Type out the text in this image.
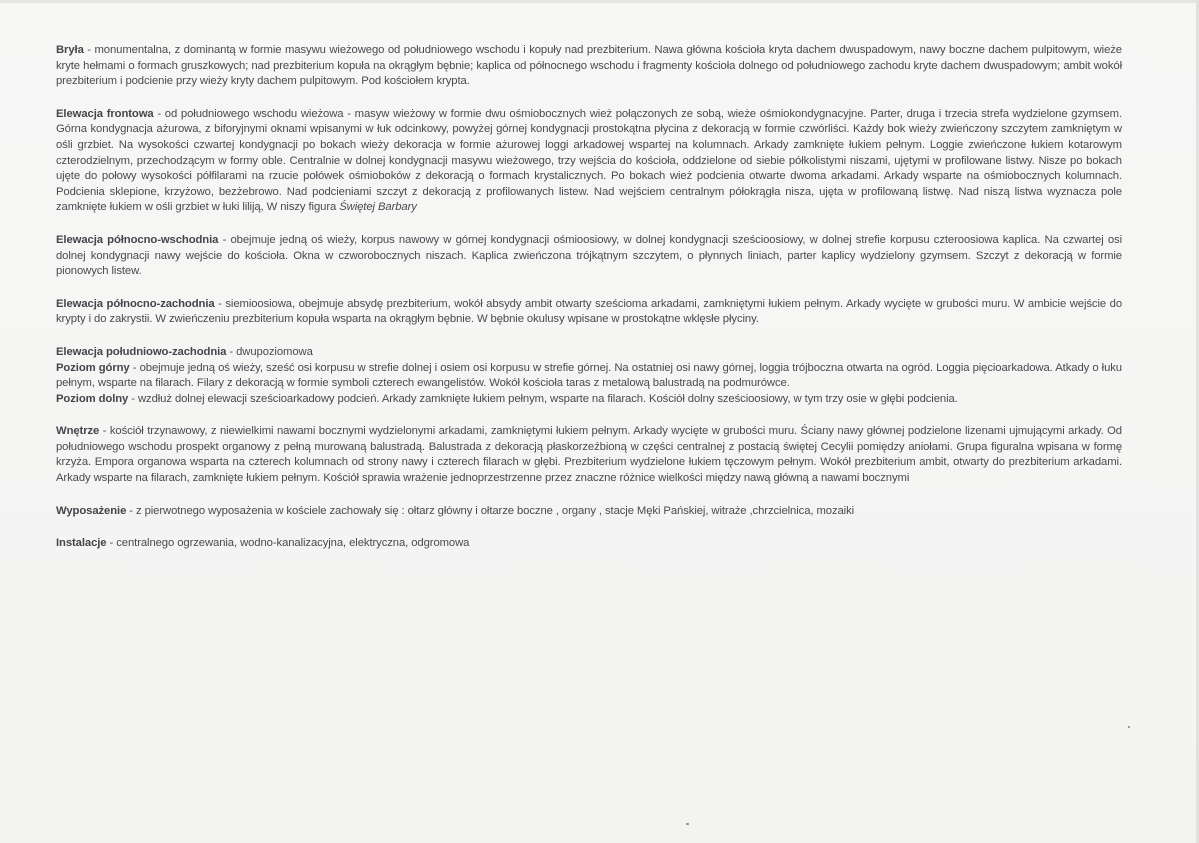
Bryła - monumentalna, z dominantą w formie masywu wieżowego od południowego wschodu i kopuły nad prezbiterium. Nawa główna kościoła kryta dachem dwuspadowym, nawy boczne dachem pulpitowym, wieże kryte hełmami o formach gruszkowych; nad prezbiterium kopuła na okrągłym bębnie; kaplica od północnego wschodu i fragmenty kościoła dolnego od południowego zachodu kryte dachem dwuspadowym; ambit wokół prezbiterium i podcienie przy wieży kryty dachem pulpitowym. Pod kościołem krypta.

Elewacja frontowa - od południowego wschodu wieżowa - masyw wieżowy w formie dwu ośmiobocznych wież połączonych ze sobą, wieże ośmiokondygnacyjne. Parter, druga i trzecia strefa wydzielone gzymsem. Górna kondygnacja ażurowa, z biforyjnymi oknami wpisanymi w łuk odcinkowy, powyżej górnej kondygnacji prostokątna płycina z dekoracją w formie czwórliści. Każdy bok wieży zwieńczony szczytem zamkniętym w ośli grzbiet. Na wysokości czwartej kondygnacji po bokach wieży dekoracja w formie ażurowej loggi arkadowej wspartej na kolumnach. Arkady zamknięte łukiem pełnym. Loggie zwieńczone łukiem kotarowym czterodzielnym, przechodzącym w formy oble. Centralnie w dolnej kondygnacji masywu wieżowego, trzy wejścia do kościoła, oddzielone od siebie półkolistymi niszami, ujętymi w profilowane listwy. Nisze po bokach ujęte do połowy wysokości półfilarami na rzucie połówek ośmioboków z dekoracją o formach krystalicznych. Po bokach wież podcienia otwarte dwoma arkadami. Arkady wsparte na ośmiobocznych kolumnach. Podcienia sklepione, krzyżowo, bezżebrowo. Nad podcieniami szczyt z dekoracją z profilowanych listew. Nad wejściem centralnym półokrągła nisza, ujęta w profilowaną listwę. Nad niszą listwa wyznacza pole zamknięte łukiem w ośli grzbiet w łuki liliją, W niszy figura Świętej Barbary

Elewacja północno-wschodnia - obejmuje jedną oś wieży, korpus nawowy w górnej kondygnacji ośmioosiowy, w dolnej kondygnacji sześcioosiowy, w dolnej strefie korpusu czteroosiowa kaplica. Na czwartej osi dolnej kondygnacji nawy wejście do kościoła. Okna w czworobocznych niszach. Kaplica zwieńczona trójkątnym szczytem, o płynnych liniach, parter kaplicy wydzielony gzymsem. Szczyt z dekoracją w formie pionowych listew.

Elewacja północno-zachodnia - siemioosiowa, obejmuje absydę prezbiterium, wokół absydy ambit otwarty sześcioma arkadami, zamkniętymi łukiem pełnym. Arkady wycięte w grubości muru. W ambicie wejście do krypty i do zakrystii. W zwieńczeniu prezbiterium kopuła wsparta na okrągłym bębnie. W bębnie okulusy wpisane w prostokątne wklęsłe płyciny.

Elewacja południowo-zachodnia - dwupoziomowa

Poziom górny - obejmuje jedną oś wieży, sześć osi korpusu w strefie dolnej i osiem osi korpusu w strefie górnej. Na ostatniej osi nawy górnej, loggia trójboczna otwarta na ogród. Loggia pięcioarkadowa. Atkady o łuku pełnym, wsparte na filarach. Filary z dekoracją w formie symboli czterech ewangelistów. Wokół kościoła taras z metalową balustradą na podmurówce.

Poziom dolny - wzdłuż dolnej elewacji sześcioarkadowy podcień. Arkady zamknięte łukiem pełnym, wsparte na filarach. Kościół dolny sześcioosiowy, w tym trzy osie w głębi podcienia.

Wnętrze - kościół trzynawowy, z niewielkimi nawami bocznymi wydzielonymi arkadami, zamkniętymi łukiem pełnym. Arkady wycięte w grubości muru. Ściany nawy głównej podzielone lizenami ujmującymi arkady. Od południowego wschodu prospekt organowy z pełną murowaną balustradą. Balustrada z dekoracją płaskorzeźbioną w części centralnej z postacią świętej Cecylii pomiędzy aniołami. Grupa figuralna wpisana w formę krzyża. Empora organowa wsparta na czterech kolumnach od strony nawy i czterech filarach w głębi. Prezbiterium wydzielone łukiem tęczowym pełnym. Wokół prezbiterium ambit, otwarty do prezbiterium arkadami. Arkady wsparte na filarach, zamknięte łukiem pełnym. Kościół sprawia wrażenie jednoprzestrzenne przez znaczne różnice wielkości między nawą główną a nawami bocznymi

Wyposażenie - z pierwotnego wyposażenia w kościele zachowały się : ołtarz główny i ołtarze boczne , organy , stacje Męki Pańskiej, witraże ,chrzcielnica, mozaiki

Instalacje - centralnego ogrzewania, wodno-kanalizacyjna, elektryczna, odgromowa
